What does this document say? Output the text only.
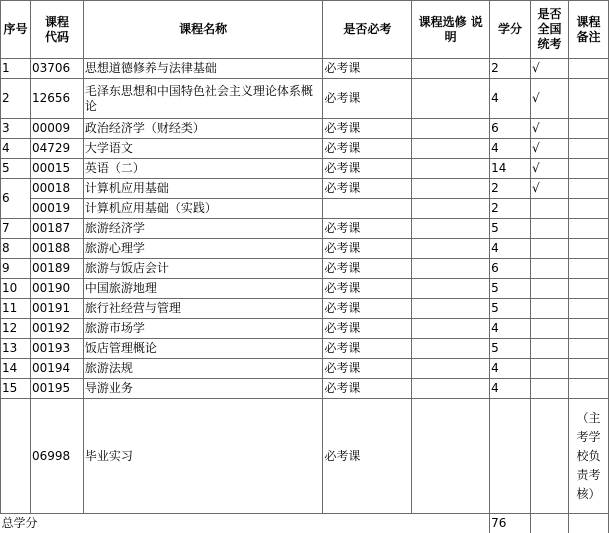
序号	课程 代码	课程名称	是否必考	课程选修 说明	学分	是否全国统考	课程备注
1	03706	思想道德修养与法律基础	必考课		2	√	
2	12656	毛泽东思想和中国特色社会主义理论体系概论	必考课		4	√	
3	00009	政治经济学（财经类）	必考课		6	√	
4	04729	大学语文	必考课		4	√	
5	00015	英语（二）	必考课		14	√	
6	00018	计算机应用基础	必考课		2	√	
	00019	计算机应用基础（实践）			2		
7	00187	旅游经济学	必考课		5		
8	00188	旅游心理学	必考课		4		
9	00189	旅游与饭店会计	必考课		6		
10	00190	中国旅游地理	必考课		5		
11	00191	旅行社经营与管理	必考课		5		
12	00192	旅游市场学	必考课		4		
13	00193	饭店管理概论	必考课		5		
14	00194	旅游法规	必考课		4		
15	00195	导游业务	必考课		4		
	06998	毕业实习	必考课				（主考学校负责考核）
总学分					76		
